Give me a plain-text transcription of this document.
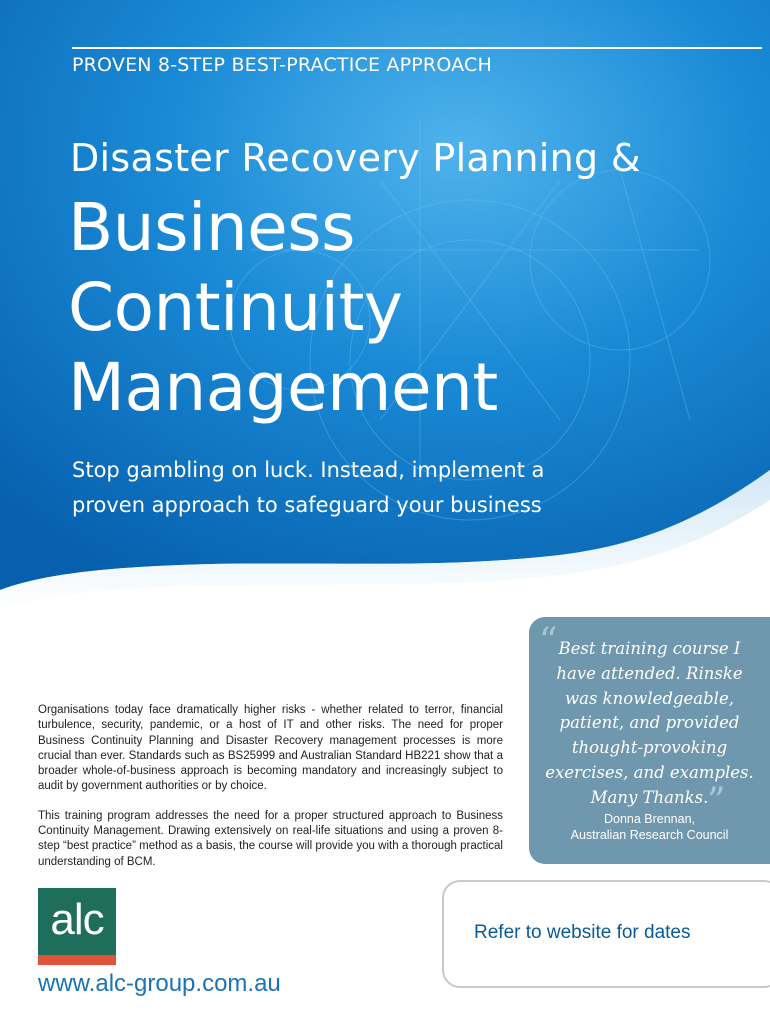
PROVEN 8-STEP BEST-PRACTICE APPROACH

Disaster Recovery Planning &
Business
Continuity
Management

Stop gambling on luck. Instead, implement a proven approach to safeguard your business

Organisations today face dramatically higher risks - whether related to terror, financial turbulence, security, pandemic, or a host of IT and other risks. The need for proper Business Continuity Planning and Disaster Recovery management processes is more crucial than ever. Standards such as BS25999 and Australian Standard HB221 show that a broader whole-of-business approach is becoming mandatory and increasingly subject to audit by government authorities or by choice.

This training program addresses the need for a proper structured approach to Business Continuity Management. Drawing extensively on real-life situations and using a proven 8-step “best practice” method as a basis, the course will provide you with a thorough practical understanding of BCM.

“ Best training course I have attended. Rinske was knowledgeable, patient, and provided thought-provoking exercises, and examples. Many Thanks.

”
Donna Brennan,
Australian Research Council

Refer to website for dates

alc

www.alc-group.com.au
